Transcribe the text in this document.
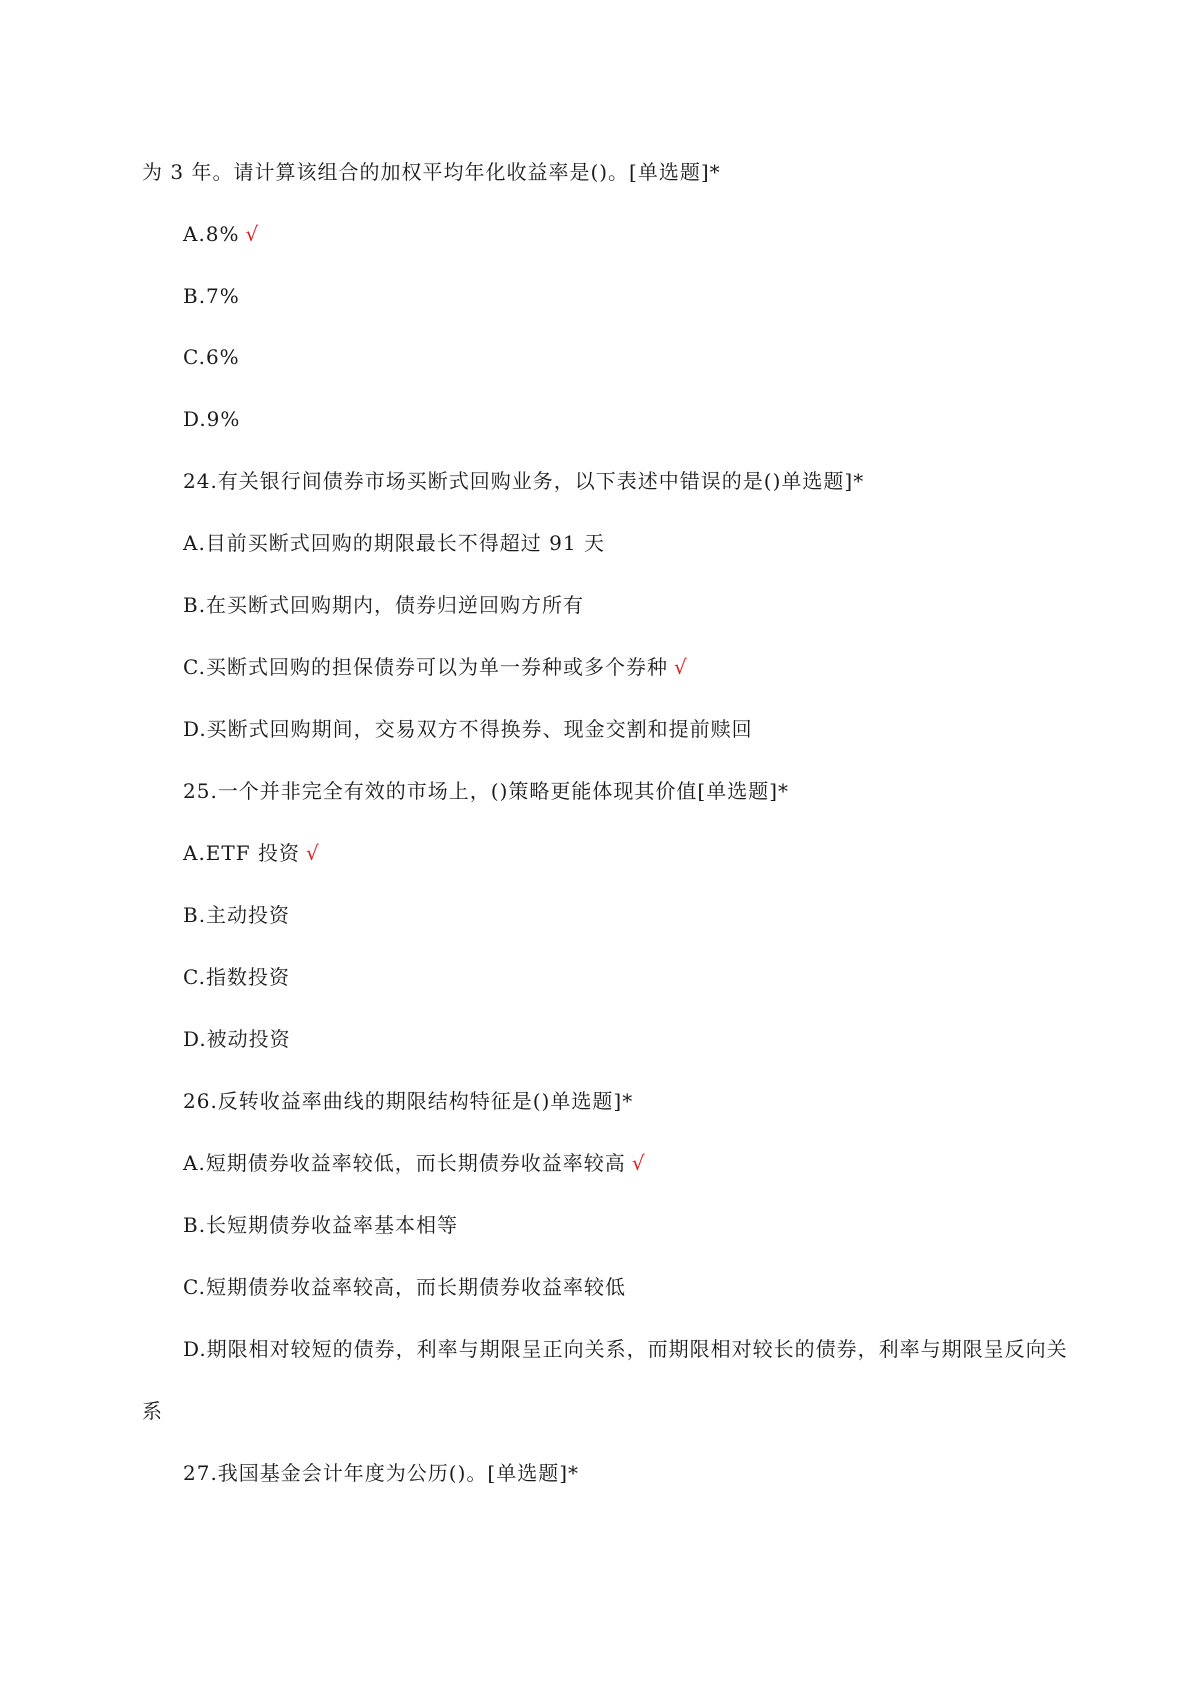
为 3 年。请计算该组合的加权平均年化收益率是()。[单选题]*
A.8% √
B.7%
C.6%
D.9%
24.有关银行间债券市场买断式回购业务，以下表述中错误的是()单选题]*
A.目前买断式回购的期限最长不得超过 91 天
B.在买断式回购期内，债券归逆回购方所有
C.买断式回购的担保债券可以为单一券种或多个券种 √
D.买断式回购期间，交易双方不得换券、现金交割和提前赎回
25.一个并非完全有效的市场上，()策略更能体现其价值[单选题]*
A.ETF 投资 √
B.主动投资
C.指数投资
D.被动投资
26.反转收益率曲线的期限结构特征是()单选题]*
A.短期债券收益率较低，而长期债券收益率较高 √
B.长短期债券收益率基本相等
C.短期债券收益率较高，而长期债券收益率较低
D.期限相对较短的债券，利率与期限呈正向关系，而期限相对较长的债券，利率与期限呈反向关
系
27.我国基金会计年度为公历()。[单选题]*
